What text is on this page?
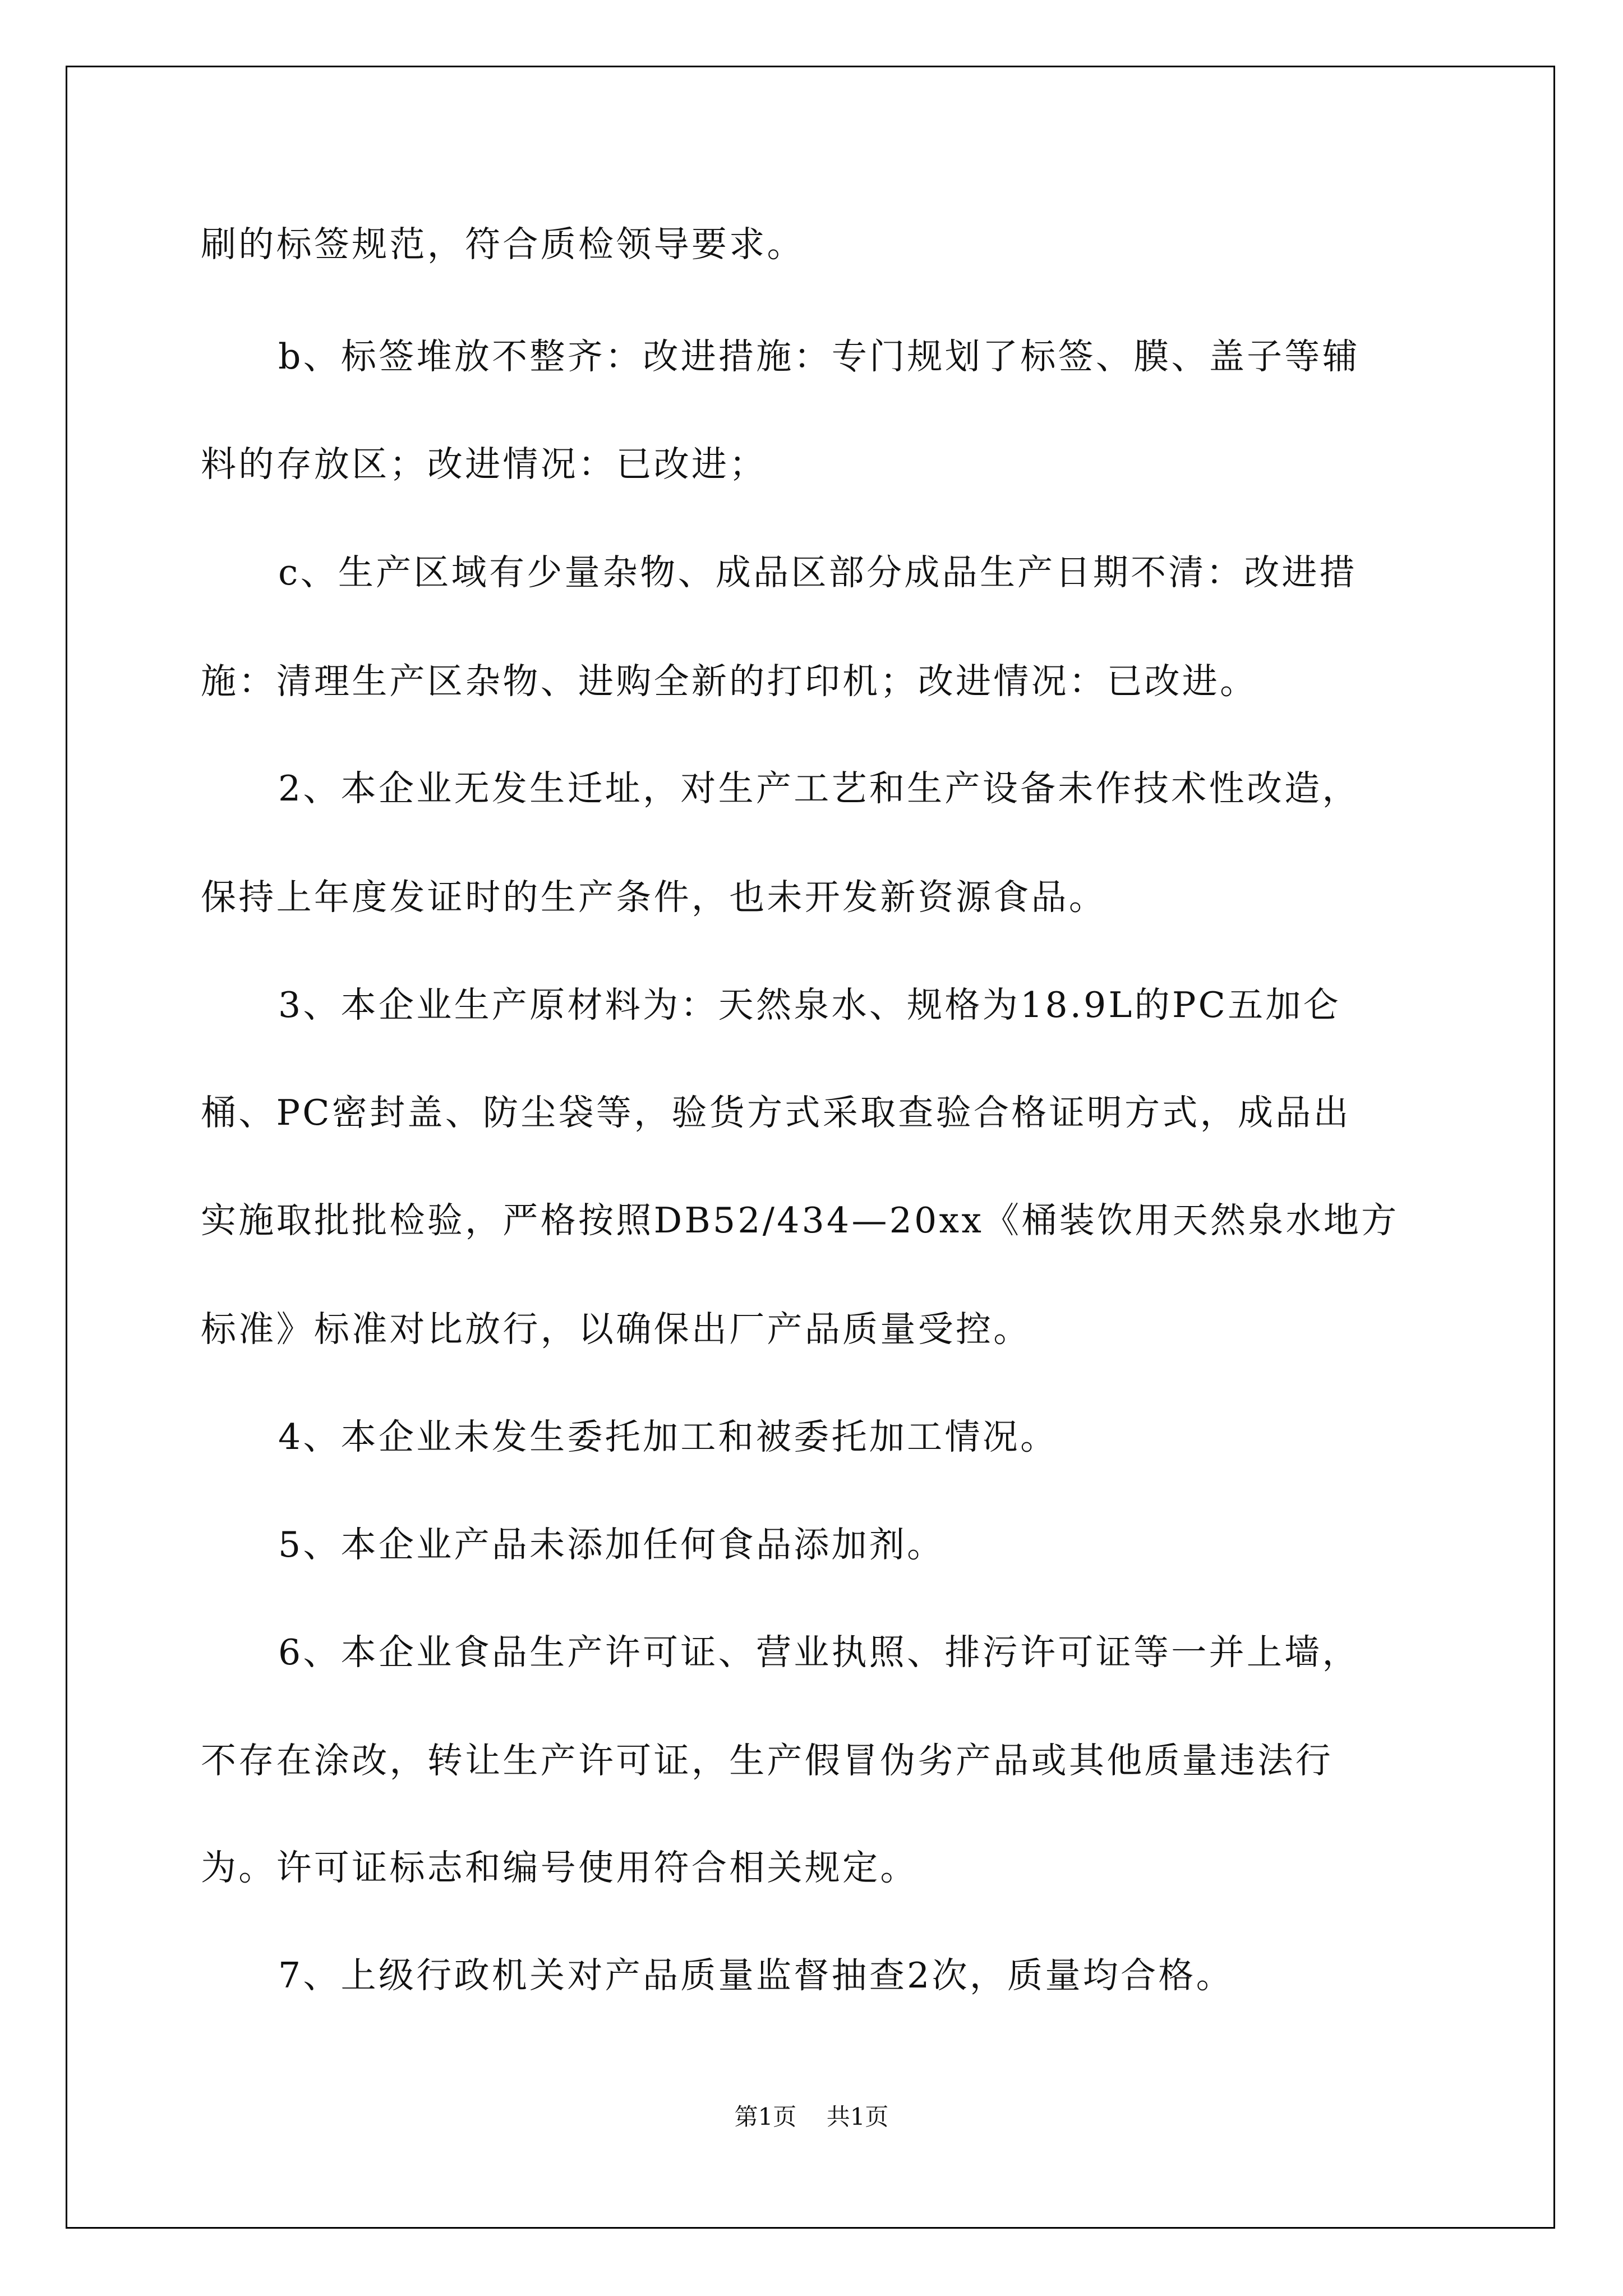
刷的标签规范，符合质检领导要求。
b、标签堆放不整齐：改进措施：专门规划了标签、膜、盖子等辅
料的存放区；改进情况：已改进；
c、生产区域有少量杂物、成品区部分成品生产日期不清：改进措
施：清理生产区杂物、进购全新的打印机；改进情况：已改进。
2、本企业无发生迁址，对生产工艺和生产设备未作技术性改造，
保持上年度发证时的生产条件，也未开发新资源食品。
3、本企业生产原材料为：天然泉水、规格为18.9L的PC五加仑
桶、PC密封盖、防尘袋等，验货方式采取查验合格证明方式，成品出
实施取批批检验，严格按照DB52/434—20xx《桶装饮用天然泉水地方
标准》标准对比放行，以确保出厂产品质量受控。
4、本企业未发生委托加工和被委托加工情况。
5、本企业产品未添加任何食品添加剂。
6、本企业食品生产许可证、营业执照、排污许可证等一并上墙，
不存在涂改，转让生产许可证，生产假冒伪劣产品或其他质量违法行
为。许可证标志和编号使用符合相关规定。
7、上级行政机关对产品质量监督抽查2次，质量均合格。
第1页 共1页
